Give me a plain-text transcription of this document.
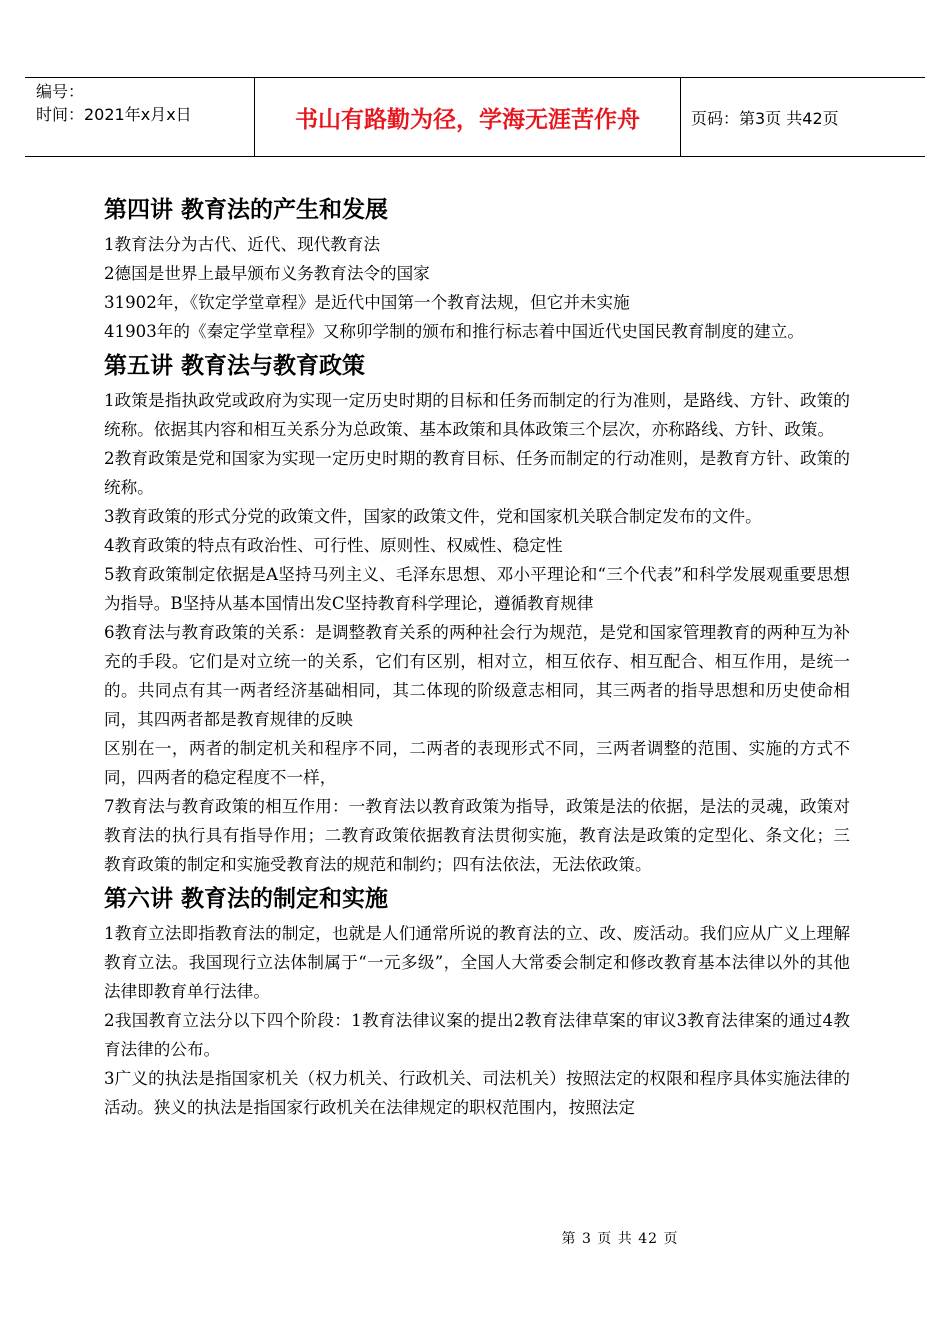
编号：
时间：2021年x月x日	书山有路勤为径，学海无涯苦作舟	页码：第3页 共42页
第四讲 教育法的产生和发展

1教育法分为古代、近代、现代教育法

2德国是世界上最早颁布义务教育法令的国家

31902年，《钦定学堂章程》是近代中国第一个教育法规，但它并未实施

41903年的《秦定学堂章程》又称卯学制的颁布和推行标志着中国近代史国民教育制度的建立。

第五讲 教育法与教育政策

1政策是指执政党或政府为实现一定历史时期的目标和任务而制定的行为准则，是路线、方针、政策的统称。依据其内容和相互关系分为总政策、基本政策和具体政策三个层次，亦称路线、方针、政策。

2教育政策是党和国家为实现一定历史时期的教育目标、任务而制定的行动准则，是教育方针、政策的统称。

3教育政策的形式分党的政策文件，国家的政策文件，党和国家机关联合制定发布的文件。

4教育政策的特点有政治性、可行性、原则性、权威性、稳定性

5教育政策制定依据是A坚持马列主义、毛泽东思想、邓小平理论和“三个代表”和科学发展观重要思想为指导。B坚持从基本国情出发C坚持教育科学理论，遵循教育规律

6教育法与教育政策的关系：是调整教育关系的两种社会行为规范，是党和国家管理教育的两种互为补充的手段。它们是对立统一的关系，它们有区别，相对立，相互依存、相互配合、相互作用，是统一的。共同点有其一两者经济基础相同，其二体现的阶级意志相同，其三两者的指导思想和历史使命相同，其四两者都是教育规律的反映

区别在一，两者的制定机关和程序不同，二两者的表现形式不同，三两者调整的范围、实施的方式不同，四两者的稳定程度不一样，

7教育法与教育政策的相互作用：一教育法以教育政策为指导，政策是法的依据，是法的灵魂，政策对教育法的执行具有指导作用；二教育政策依据教育法贯彻实施，教育法是政策的定型化、条文化；三教育政策的制定和实施受教育法的规范和制约；四有法依法，无法依政策。

第六讲 教育法的制定和实施

1教育立法即指教育法的制定，也就是人们通常所说的教育法的立、改、废活动。我们应从广义上理解教育立法。我国现行立法体制属于“一元多级”，全国人大常委会制定和修改教育基本法律以外的其他法律即教育单行法律。

2我国教育立法分以下四个阶段：1教育法律议案的提出2教育法律草案的审议3教育法律案的通过4教育法律的公布。

3广义的执法是指国家机关（权力机关、行政机关、司法机关）按照法定的权限和程序具体实施法律的活动。狭义的执法是指国家行政机关在法律规定的职权范围内，按照法定

第 3 页 共 42 页
